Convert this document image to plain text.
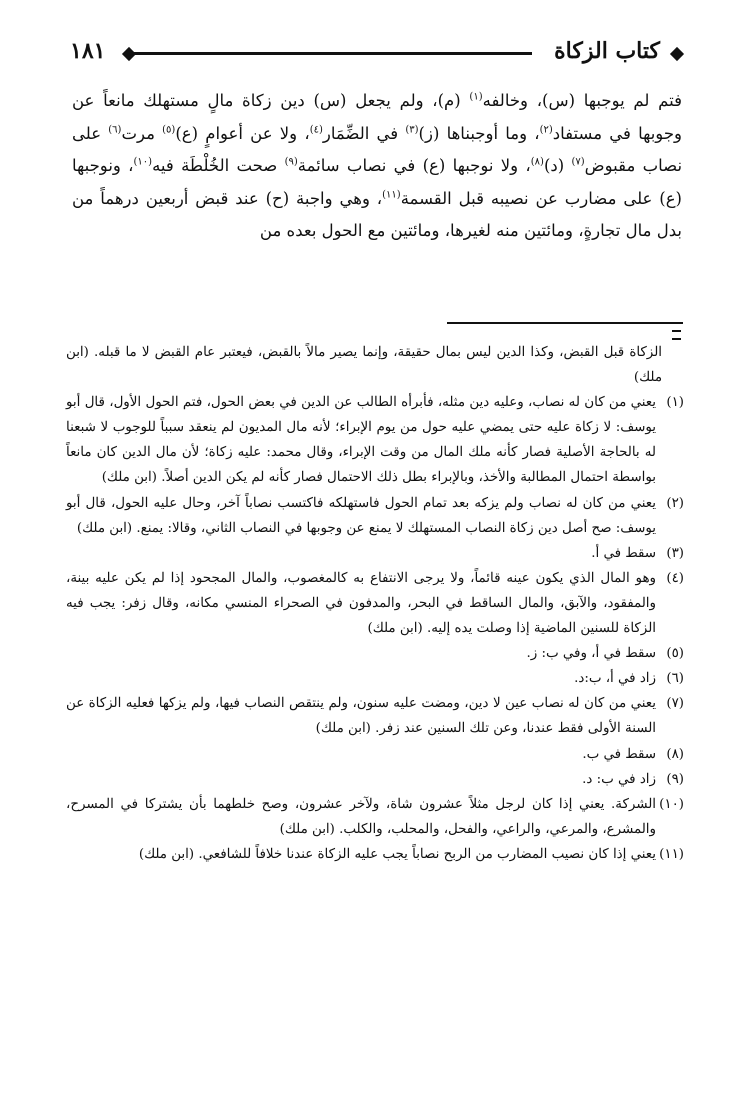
كتاب الزكاة
١٨١

فتم لم يوجبها (س)، وخالفه$^{(١)}$ (م)، ولم يجعل (س) دين زكاة مالٍ مستهلك مانعاً عن وجوبها في مستفاد$^{(٢)}$، وما أوجبناها (ز)$^{(٣)}$ في الضِّمَار$^{(٤)}$، ولا عن أعوامٍ (ع)$^{(٥)}$ مرت$^{(٦)}$ على نصاب مقبوض$^{(٧)}$ (د)$^{(٨)}$، ولا نوجبها (ع) في نصاب سائمة$^{(٩)}$ صحت الخُلْطَة فيه$^{(١٠)}$، ونوجبها (ع) على مضارب عن نصيبه قبل القسمة$^{(١١)}$، وهي واجبة (ح) عند قبض أربعين درهماً من بدل مال تجارةٍ، ومائتين منه لغيرها، ومائتين مع الحول بعده من

الزكاة قبل القبض، وكذا الدين ليس بمال حقيقة، وإنما يصير مالاً بالقبض، فيعتبر عام القبض لا ما قبله. (ابن ملك)
(١)
يعني من كان له نصاب، وعليه دين مثله، فأبرأه الطالب عن الدين في بعض الحول، فتم الحول الأول، قال أبو يوسف: لا زكاة عليه حتى يمضي عليه حول من يوم الإبراء؛ لأنه مال المديون لم ينعقد سبباً للوجوب لا شبعنا له بالحاجة الأصلية فصار كأنه ملك المال من وقت الإبراء، وقال محمد: عليه زكاة؛ لأن مال الدين كان مانعاً بواسطة احتمال المطالبة والأخذ، وبالإبراء بطل ذلك الاحتمال فصار كأنه لم يكن الدين أصلاً. (ابن ملك)
(٢)
يعني من كان له نصاب ولم يزكه بعد تمام الحول فاستهلكه فاكتسب نصاباً آخر، وحال عليه الحول، قال أبو يوسف: صح أصل دين زكاة النصاب المستهلك لا يمنع عن وجوبها في النصاب الثاني، وقالا: يمنع. (ابن ملك)
(٣)
سقط في أ.
(٤)
وهو المال الذي يكون عينه قائماً، ولا يرجى الانتفاع به كالمغصوب، والمال المجحود إذا لم يكن عليه بينة، والمفقود، والآبق، والمال الساقط في البحر، والمدفون في الصحراء المنسي مكانه، وقال زفر: يجب فيه الزكاة للسنين الماضية إذا وصلت يده إليه. (ابن ملك)
(٥)
سقط في أ، وفي ب: ز.
(٦)
زاد في أ، ب:د.
(٧)
يعني من كان له نصاب عين لا دين، ومضت عليه سنون، ولم ينتقص النصاب فيها، ولم يزكها فعليه الزكاة عن السنة الأولى فقط عندنا، وعن تلك السنين عند زفر. (ابن ملك)
(٨)
سقط في ب.
(٩)
زاد في ب: د.
(١٠)
الشركة. يعني إذا كان لرجل مثلاً عشرون شاة، ولآخر عشرون، وصح خلطهما بأن يشتركا في المسرح، والمشرع، والمرعي، والراعي، والفحل، والمحلب، والكلب. (ابن ملك)
(١١)
يعني إذا كان نصيب المضارب من الربح نصاباً يجب عليه الزكاة عندنا خلافاً للشافعي. (ابن ملك)
